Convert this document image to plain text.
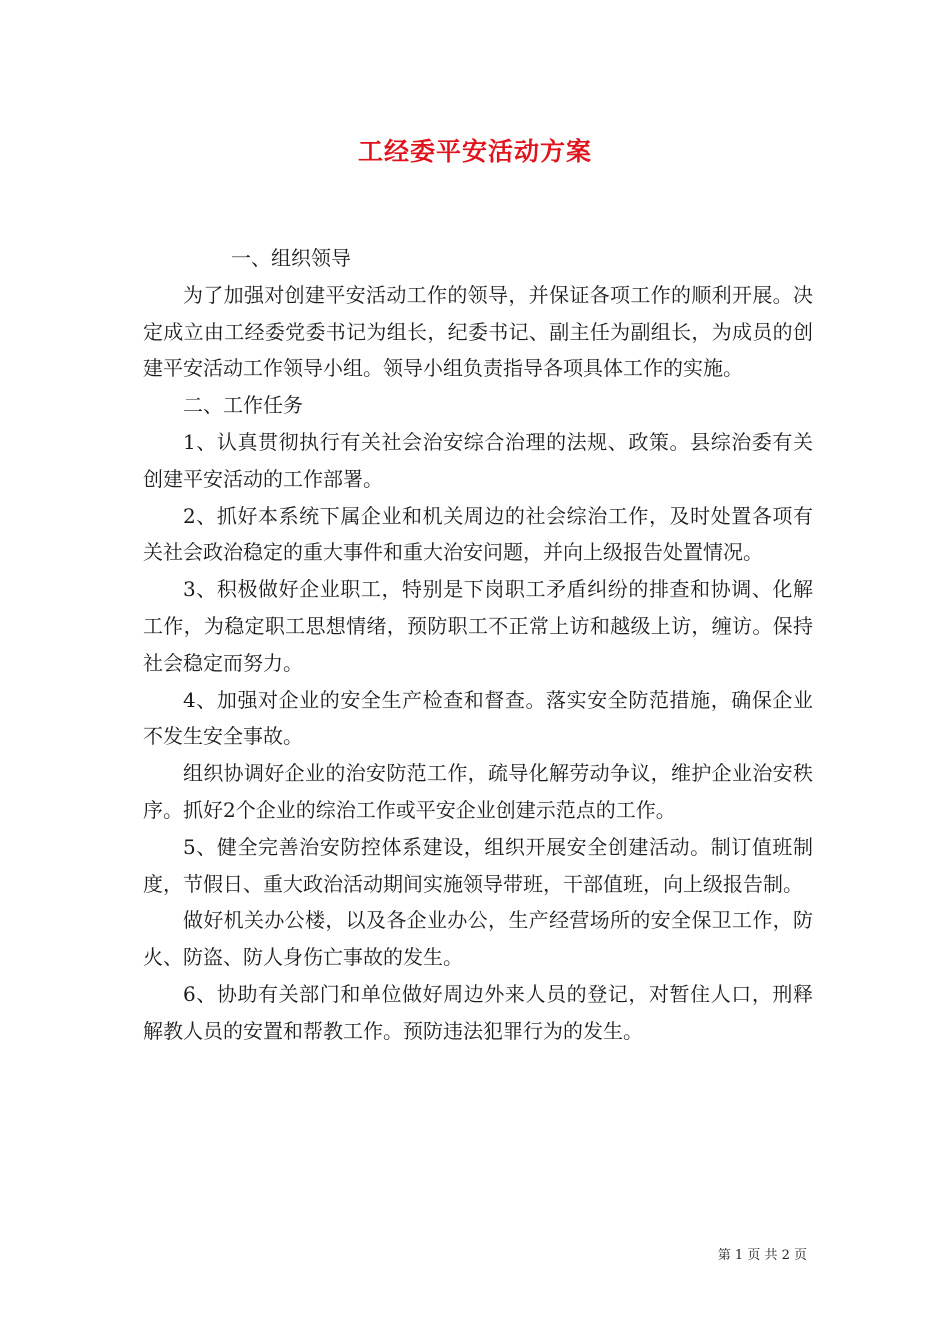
工经委平安活动方案

一、组织领导

为了加强对创建平安活动工作的领导，并保证各项工作的顺利开展。决定成立由工经委党委书记为组长，纪委书记、副主任为副组长，为成员的创建平安活动工作领导小组。领导小组负责指导各项具体工作的实施。

二、工作任务

1、认真贯彻执行有关社会治安综合治理的法规、政策。县综治委有关创建平安活动的工作部署。

2、抓好本系统下属企业和机关周边的社会综治工作，及时处置各项有关社会政治稳定的重大事件和重大治安问题，并向上级报告处置情况。

3、积极做好企业职工，特别是下岗职工矛盾纠纷的排查和协调、化解工作，为稳定职工思想情绪，预防职工不正常上访和越级上访，缠访。保持社会稳定而努力。

4、加强对企业的安全生产检查和督查。落实安全防范措施，确保企业不发生安全事故。

组织协调好企业的治安防范工作，疏导化解劳动争议，维护企业治安秩序。抓好2个企业的综治工作或平安企业创建示范点的工作。

5、健全完善治安防控体系建设，组织开展安全创建活动。制订值班制度，节假日、重大政治活动期间实施领导带班，干部值班，向上级报告制。

做好机关办公楼，以及各企业办公，生产经营场所的安全保卫工作，防火、防盗、防人身伤亡事故的发生。

6、协助有关部门和单位做好周边外来人员的登记，对暂住人口，刑释解教人员的安置和帮教工作。预防违法犯罪行为的发生。

第 1 页 共 2 页
